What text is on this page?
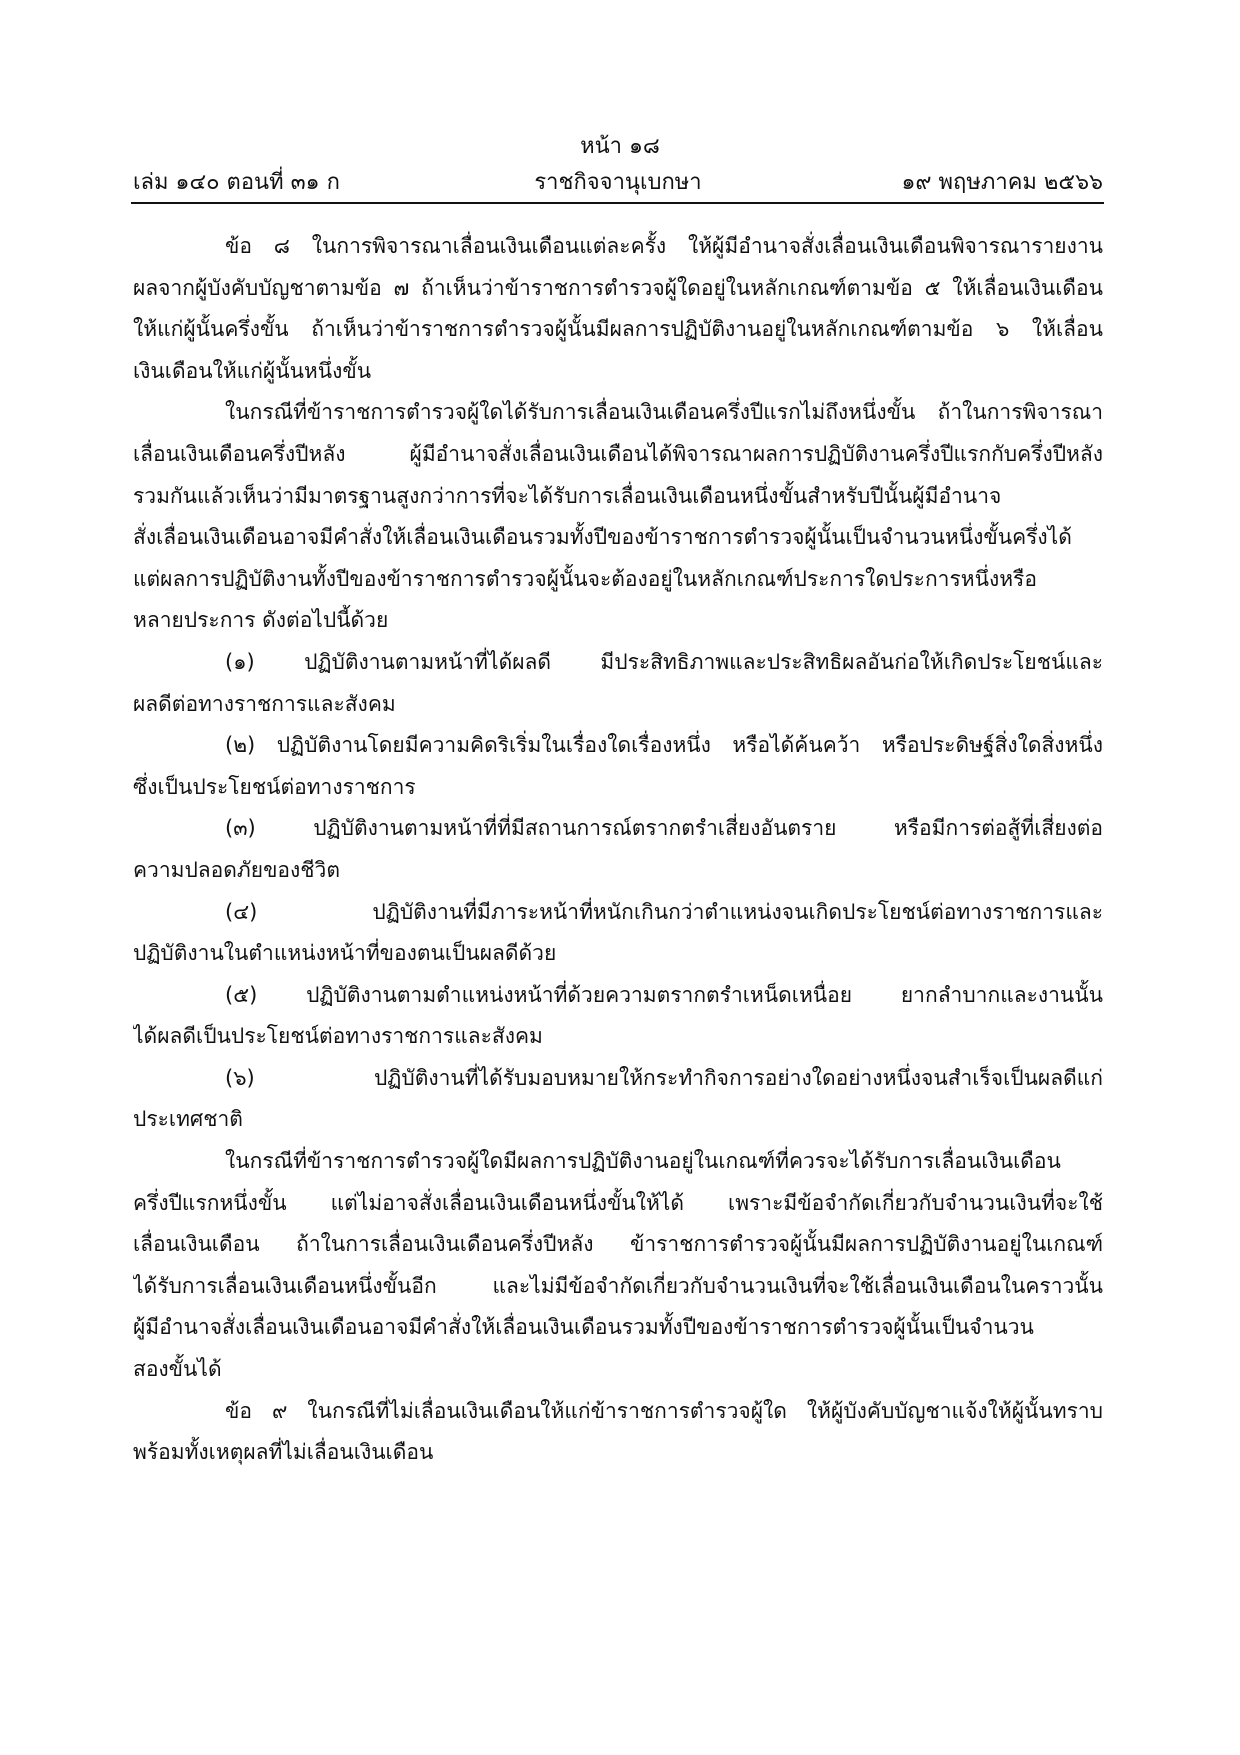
หน้า ๑๘
ราชกิจจานุเบกษา
เล่ม ๑๔๐ ตอนที่ ๓๑ ก	๑๙ พฤษภาคม ๒๕๖๖
ข้อ ๘ ในการพิจารณาเลื่อนเงินเดือนแต่ละครั้ง ให้ผู้มีอำนาจสั่งเลื่อนเงินเดือนพิจารณารายงาน
ผลจากผู้บังคับบัญชาตามข้อ ๗ ถ้าเห็นว่าข้าราชการตำรวจผู้ใดอยู่ในหลักเกณฑ์ตามข้อ ๕ ให้เลื่อนเงินเดือน
ให้แก่ผู้นั้นครึ่งขั้น ถ้าเห็นว่าข้าราชการตำรวจผู้นั้นมีผลการปฏิบัติงานอยู่ในหลักเกณฑ์ตามข้อ ๖ ให้เลื่อน
เงินเดือนให้แก่ผู้นั้นหนึ่งขั้น
ในกรณีที่ข้าราชการตำรวจผู้ใดได้รับการเลื่อนเงินเดือนครึ่งปีแรกไม่ถึงหนึ่งขั้น ถ้าในการพิจารณา
เลื่อนเงินเดือนครึ่งปีหลัง ผู้มีอำนาจสั่งเลื่อนเงินเดือนได้พิจารณาผลการปฏิบัติงานครึ่งปีแรกกับครึ่งปีหลัง
รวมกันแล้วเห็นว่ามีมาตรฐานสูงกว่าการที่จะได้รับการเลื่อนเงินเดือนหนึ่งขั้นสำหรับปีนั้นผู้มีอำนาจ
สั่งเลื่อนเงินเดือนอาจมีคำสั่งให้เลื่อนเงินเดือนรวมทั้งปีของข้าราชการตำรวจผู้นั้นเป็นจำนวนหนึ่งขั้นครึ่งได้
แต่ผลการปฏิบัติงานทั้งปีของข้าราชการตำรวจผู้นั้นจะต้องอยู่ในหลักเกณฑ์ประการใดประการหนึ่งหรือ
หลายประการ ดังต่อไปนี้ด้วย
(๑) ปฏิบัติงานตามหน้าที่ได้ผลดี มีประสิทธิภาพและประสิทธิผลอันก่อให้เกิดประโยชน์และ
ผลดีต่อทางราชการและสังคม
(๒) ปฏิบัติงานโดยมีความคิดริเริ่มในเรื่องใดเรื่องหนึ่ง หรือได้ค้นคว้า หรือประดิษฐ์สิ่งใดสิ่งหนึ่ง
ซึ่งเป็นประโยชน์ต่อทางราชการ
(๓) ปฏิบัติงานตามหน้าที่ที่มีสถานการณ์ตรากตรำเสี่ยงอันตราย หรือมีการต่อสู้ที่เสี่ยงต่อ
ความปลอดภัยของชีวิต
(๔) ปฏิบัติงานที่มีภาระหน้าที่หนักเกินกว่าตำแหน่งจนเกิดประโยชน์ต่อทางราชการและ
ปฏิบัติงานในตำแหน่งหน้าที่ของตนเป็นผลดีด้วย
(๕) ปฏิบัติงานตามตำแหน่งหน้าที่ด้วยความตรากตรำเหน็ดเหนื่อย ยากลำบากและงานนั้น
ได้ผลดีเป็นประโยชน์ต่อทางราชการและสังคม
(๖) ปฏิบัติงานที่ได้รับมอบหมายให้กระทำกิจการอย่างใดอย่างหนึ่งจนสำเร็จเป็นผลดีแก่
ประเทศชาติ
ในกรณีที่ข้าราชการตำรวจผู้ใดมีผลการปฏิบัติงานอยู่ในเกณฑ์ที่ควรจะได้รับการเลื่อนเงินเดือน
ครึ่งปีแรกหนึ่งขั้น แต่ไม่อาจสั่งเลื่อนเงินเดือนหนึ่งขั้นให้ได้ เพราะมีข้อจำกัดเกี่ยวกับจำนวนเงินที่จะใช้
เลื่อนเงินเดือน ถ้าในการเลื่อนเงินเดือนครึ่งปีหลัง ข้าราชการตำรวจผู้นั้นมีผลการปฏิบัติงานอยู่ในเกณฑ์
ได้รับการเลื่อนเงินเดือนหนึ่งขั้นอีก และไม่มีข้อจำกัดเกี่ยวกับจำนวนเงินที่จะใช้เลื่อนเงินเดือนในคราวนั้น
ผู้มีอำนาจสั่งเลื่อนเงินเดือนอาจมีคำสั่งให้เลื่อนเงินเดือนรวมทั้งปีของข้าราชการตำรวจผู้นั้นเป็นจำนวน
สองขั้นได้
ข้อ ๙ ในกรณีที่ไม่เลื่อนเงินเดือนให้แก่ข้าราชการตำรวจผู้ใด ให้ผู้บังคับบัญชาแจ้งให้ผู้นั้นทราบ
พร้อมทั้งเหตุผลที่ไม่เลื่อนเงินเดือน
